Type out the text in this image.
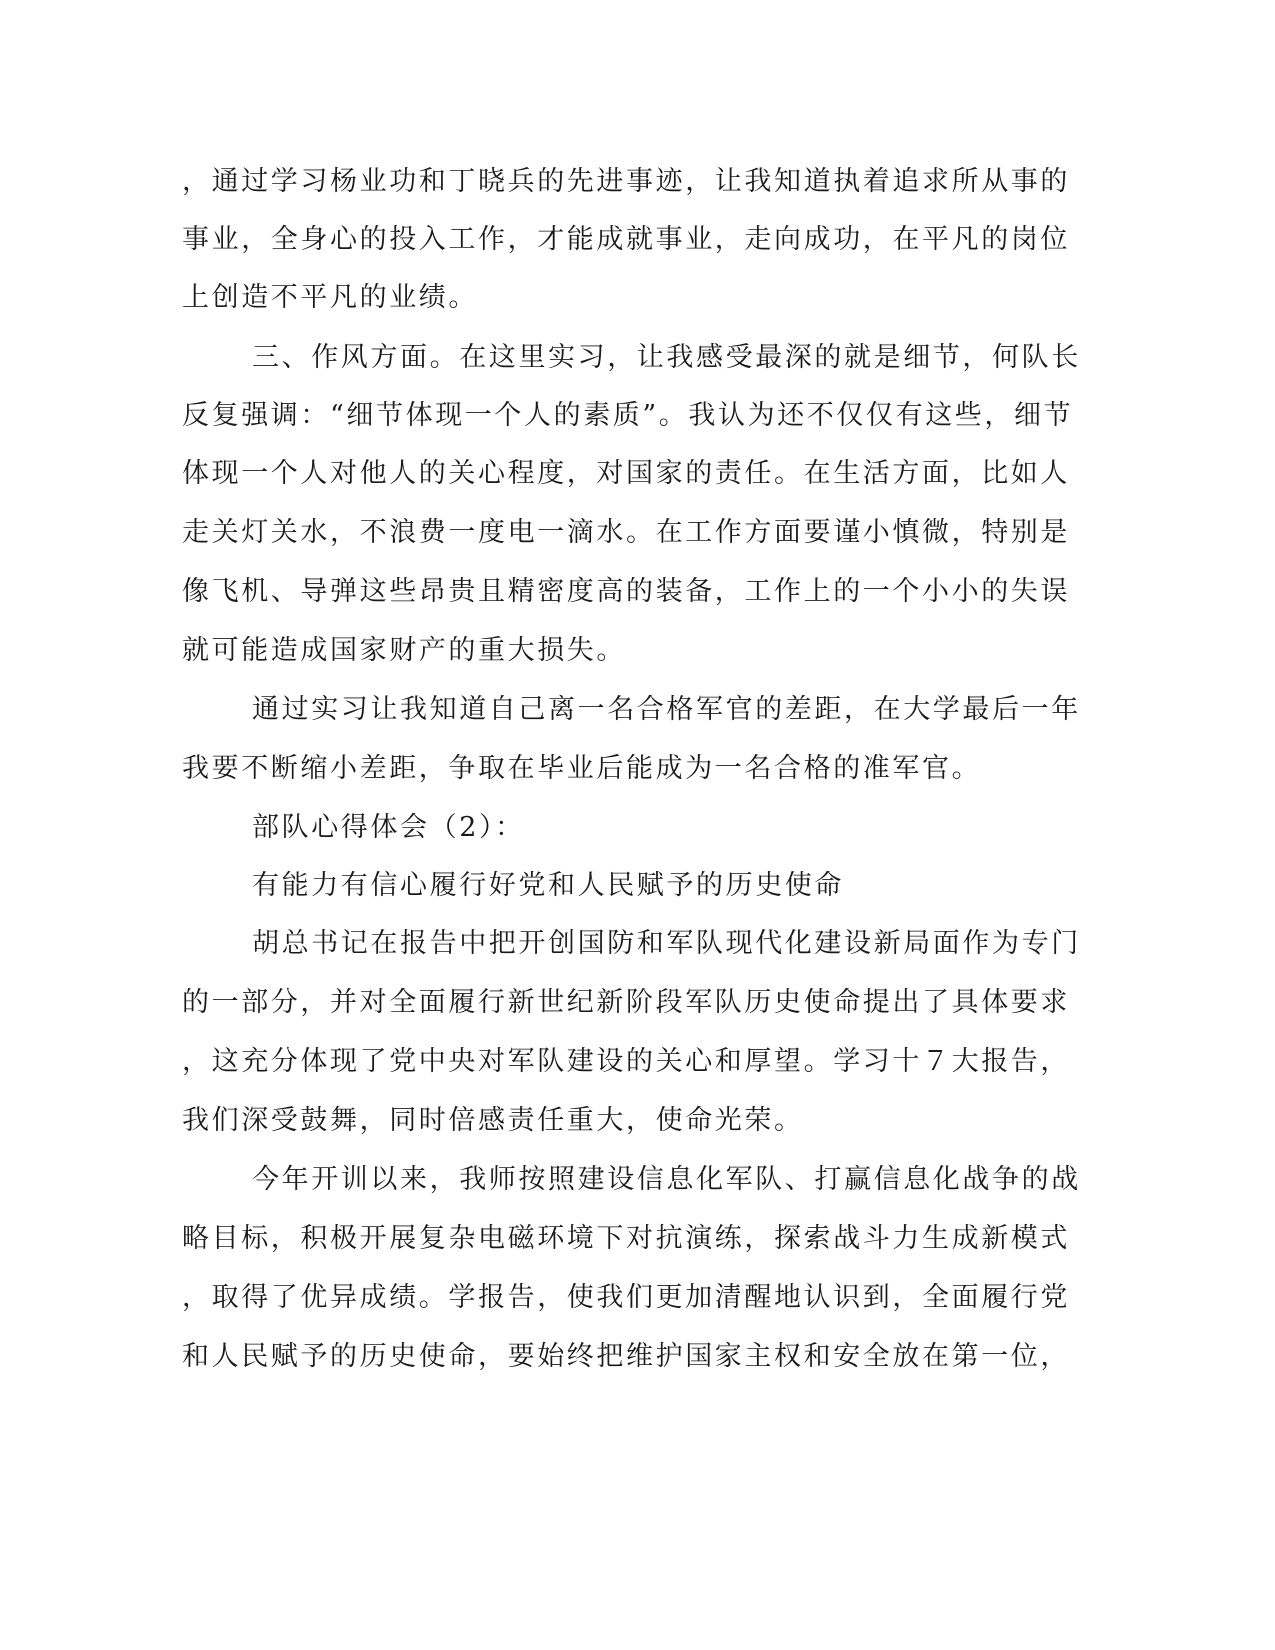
，通过学习杨业功和丁晓兵的先进事迹，让我知道执着追求所从事的
事业，全身心的投入工作，才能成就事业，走向成功，在平凡的岗位
上创造不平凡的业绩。
三、作风方面。在这里实习，让我感受最深的就是细节，何队长
反复强调：“细节体现一个人的素质”。我认为还不仅仅有这些，细节
体现一个人对他人的关心程度，对国家的责任。在生活方面，比如人
走关灯关水，不浪费一度电一滴水。在工作方面要谨小慎微，特别是
像飞机、导弹这些昂贵且精密度高的装备，工作上的一个小小的失误
就可能造成国家财产的重大损失。
通过实习让我知道自己离一名合格军官的差距，在大学最后一年
我要不断缩小差距，争取在毕业后能成为一名合格的准军官。
部队心得体会（2）：
有能力有信心履行好党和人民赋予的历史使命
胡总书记在报告中把开创国防和军队现代化建设新局面作为专门
的一部分，并对全面履行新世纪新阶段军队历史使命提出了具体要求
，这充分体现了党中央对军队建设的关心和厚望。学习十７大报告，
我们深受鼓舞，同时倍感责任重大，使命光荣。
今年开训以来，我师按照建设信息化军队、打赢信息化战争的战
略目标，积极开展复杂电磁环境下对抗演练，探索战斗力生成新模式
，取得了优异成绩。学报告，使我们更加清醒地认识到，全面履行党
和人民赋予的历史使命，要始终把维护国家主权和安全放在第一位，
